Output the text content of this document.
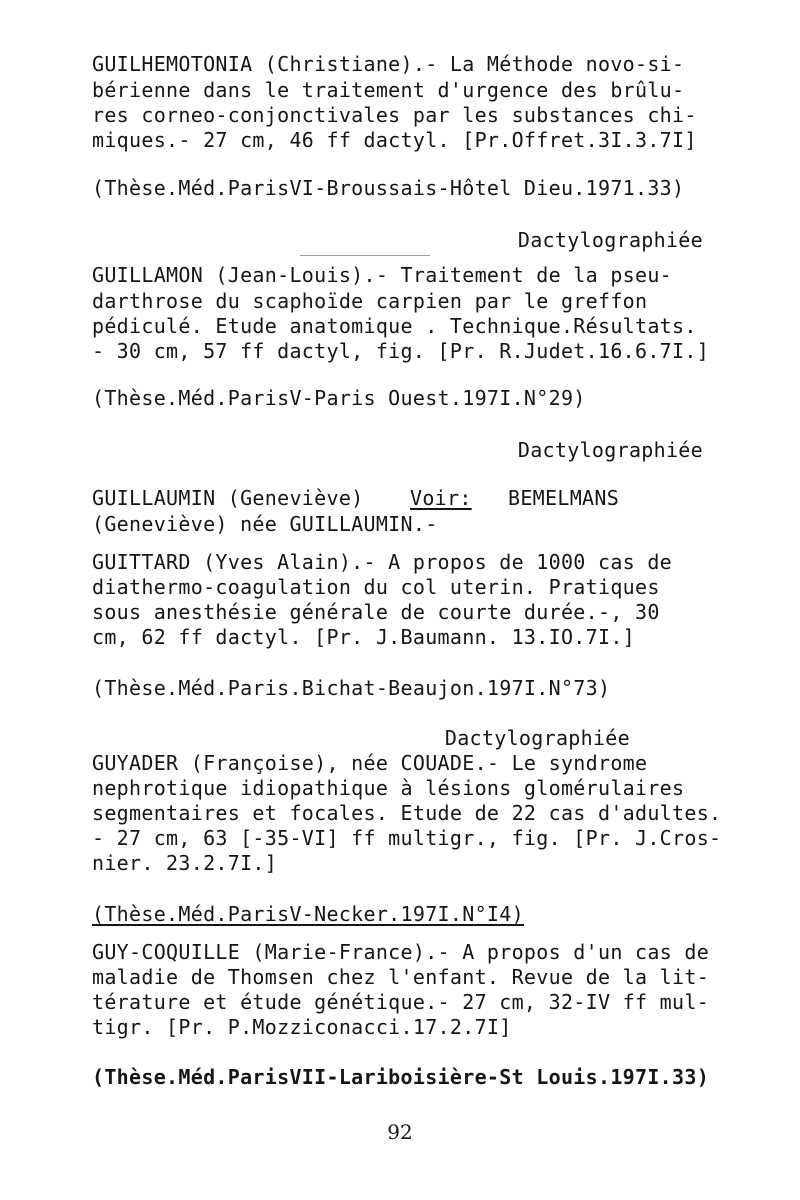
GUILHEMOTONIA (Christiane).- La Méthode novo-si-
bérienne dans le traitement d'urgence des brûlu-
res corneo-conjonctivales par les substances chi-
miques.- 27 cm, 46 ff dactyl. [Pr.Offret.3I.3.7I]
(Thèse.Méd.ParisVI-Broussais-Hôtel Dieu.1971.33)
Dactylographiée
GUILLAMON (Jean-Louis).- Traitement de la pseu-
darthrose du scaphoïde carpien par le greffon
pédiculé. Etude anatomique . Technique.Résultats.
- 30 cm, 57 ff dactyl, fig. [Pr. R.Judet.16.6.7I.]
(Thèse.Méd.ParisV-Paris Ouest.197I.N°29)
Dactylographiée
GUILLAUMIN (Geneviève) Voir: BEMELMANS
(Geneviève) née GUILLAUMIN.-
GUITTARD (Yves Alain).- A propos de 1000 cas de
diathermo-coagulation du col uterin. Pratiques
sous anesthésie générale de courte durée.-, 30
cm, 62 ff dactyl. [Pr. J.Baumann. 13.IO.7I.]
(Thèse.Méd.Paris.Bichat-Beaujon.197I.N°73)
Dactylographiée
GUYADER (Françoise), née COUADE.- Le syndrome
nephrotique idiopathique à lésions glomérulaires
segmentaires et focales. Etude de 22 cas d'adultes.
- 27 cm, 63 [-35-VI] ff multigr., fig. [Pr. J.Cros-
nier. 23.2.7I.]
(Thèse.Méd.ParisV-Necker.197I.N°I4)
GUY-COQUILLE (Marie-France).- A propos d'un cas de
maladie de Thomsen chez l'enfant. Revue de la lit-
térature et étude génétique.- 27 cm, 32-IV ff mul-
tigr. [Pr. P.Mozziconacci.17.2.7I]
(Thèse.Méd.ParisVII-Lariboisière-St Louis.197I.33)
92
